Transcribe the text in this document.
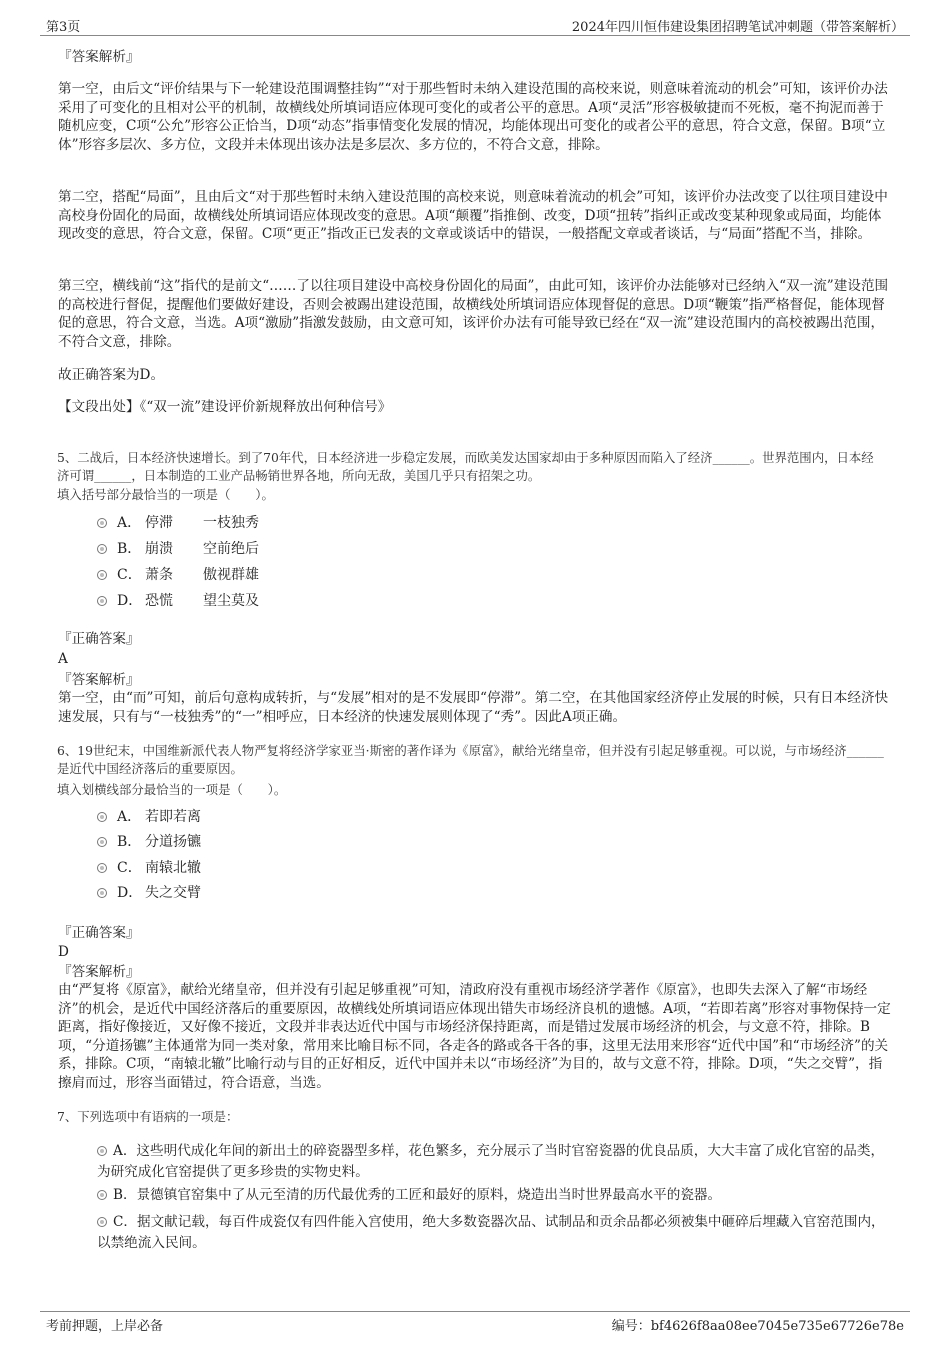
第3页	2024年四川恒伟建设集团招聘笔试冲刺题（带答案解析）
『答案解析』
第一空，由后文“评价结果与下一轮建设范围调整挂钩”“对于那些暂时未纳入建设范围的高校来说，则意味着流动的机会”可知，该评价办法采用了可变化的且相对公平的机制，故横线处所填词语应体现可变化的或者公平的意思。A项“灵活”形容极敏捷而不死板，毫不拘泥而善于随机应变，C项“公允”形容公正恰当，D项“动态”指事情变化发展的情况，均能体现出可变化的或者公平的意思，符合文意，保留。B项“立体”形容多层次、多方位，文段并未体现出该办法是多层次、多方位的，不符合文意，排除。
第二空，搭配“局面”，且由后文“对于那些暂时未纳入建设范围的高校来说，则意味着流动的机会”可知，该评价办法改变了以往项目建设中高校身份固化的局面，故横线处所填词语应体现改变的意思。A项“颠覆”指推倒、改变，D项“扭转”指纠正或改变某种现象或局面，均能体现改变的意思，符合文意，保留。C项“更正”指改正已发表的文章或谈话中的错误，一般搭配文章或者谈话，与“局面”搭配不当，排除。
第三空，横线前“这”指代的是前文“……了以往项目建设中高校身份固化的局面”，由此可知，该评价办法能够对已经纳入“双一流”建设范围的高校进行督促，提醒他们要做好建设，否则会被踢出建设范围，故横线处所填词语应体现督促的意思。D项“鞭策”指严格督促，能体现督促的意思，符合文意，当选。A项“激励”指激发鼓励，由文意可知，该评价办法有可能导致已经在“双一流”建设范围内的高校被踢出范围，不符合文意，排除。
故正确答案为D。
【文段出处】《“双一流”建设评价新规释放出何种信号》
5、二战后，日本经济快速增长。到了70年代，日本经济进一步稳定发展，而欧美发达国家却由于多种原因而陷入了经济______。世界范围内，日本经济可谓______，日本制造的工业产品畅销世界各地，所向无敌，美国几乎只有招架之功。
填入括号部分最恰当的一项是（　　）。
A． 停滞	一枝独秀
B． 崩溃	空前绝后
C． 萧条	傲视群雄
D． 恐慌	望尘莫及
『正确答案』
A
『答案解析』
第一空，由“而”可知，前后句意构成转折，与“发展”相对的是不发展即“停滞”。第二空，在其他国家经济停止发展的时候，只有日本经济快速发展，只有与“一枝独秀”的“一”相呼应，日本经济的快速发展则体现了“秀”。因此A项正确。
6、19世纪末，中国维新派代表人物严复将经济学家亚当·斯密的著作译为《原富》，献给光绪皇帝，但并没有引起足够重视。可以说，与市场经济______是近代中国经济落后的重要原因。
填入划横线部分最恰当的一项是（　　）。
A． 若即若离
B． 分道扬镳
C． 南辕北辙
D． 失之交臂
『正确答案』
D
『答案解析』
由“严复将《原富》，献给光绪皇帝，但并没有引起足够重视”可知，清政府没有重视市场经济学著作《原富》，也即失去深入了解“市场经济”的机会，是近代中国经济落后的重要原因，故横线处所填词语应体现出错失市场经济良机的遗憾。A项，“若即若离”形容对事物保持一定距离，指好像接近，又好像不接近，文段并非表达近代中国与市场经济保持距离，而是错过发展市场经济的机会，与文意不符，排除。B项，“分道扬镳”主体通常为同一类对象，常用来比喻目标不同，各走各的路或各干各的事，这里无法用来形容“近代中国”和“市场经济”的关系，排除。C项，“南辕北辙”比喻行动与目的正好相反，近代中国并未以“市场经济”为目的，故与文意不符，排除。D项，“失之交臂”，指擦肩而过，形容当面错过，符合语意，当选。
7、下列选项中有语病的一项是：
A．这些明代成化年间的新出土的碎瓷器型多样，花色繁多，充分展示了当时官窑瓷器的优良品质，大大丰富了成化官窑的品类，为研究成化官窑提供了更多珍贵的实物史料。
B．景德镇官窑集中了从元至清的历代最优秀的工匠和最好的原料，烧造出当时世界最高水平的瓷器。
C．据文献记载，每百件成瓷仅有四件能入宫使用，绝大多数瓷器次品、试制品和贡余品都必须被集中砸碎后埋藏入官窑范围内，以禁绝流入民间。
考前押题，上岸必备	编号：bf4626f8aa08ee7045e735e67726e78e
